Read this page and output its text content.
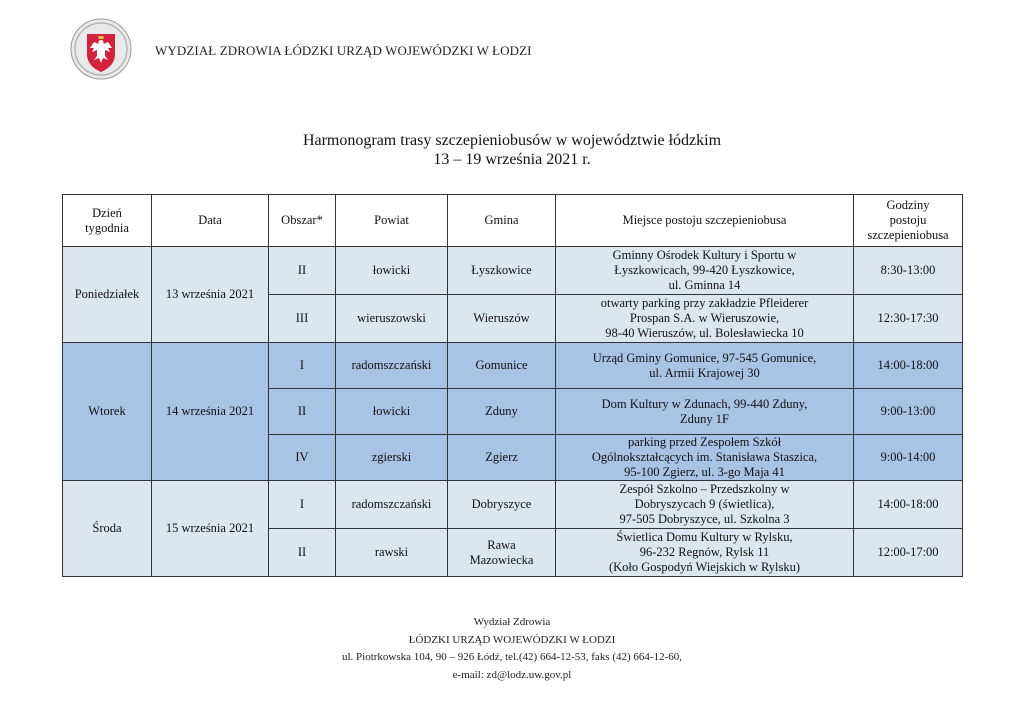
WYDZIAŁ ZDROWIA ŁÓDZKI URZĄD WOJEWÓDZKI W ŁODZI
Harmonogram trasy szczepieniobusów w województwie łódzkim
13 – 19 września 2021 r.
Dzień
tygodnia	Data	Obszar*	Powiat	Gmina	Miejsce postoju szczepieniobusa	Godziny
postoju
szczepieniobusa
Poniedziałek	13 września 2021	II	łowicki	Łyszkowice	Gminny Ośrodek Kultury i Sportu w
Łyszkowicach, 99-420 Łyszkowice,
ul. Gminna 14	8:30-13:00
		III	wieruszowski	Wieruszów	otwarty parking przy zakładzie Pfleiderer
Prospan S.A. w Wieruszowie,
98-40 Wieruszów, ul. Bolesławiecka 10	12:30-17:30
Wtorek	14 września 2021	I	radomszczański	Gomunice	Urząd Gminy Gomunice, 97-545 Gomunice,
ul. Armii Krajowej 30	14:00-18:00
		II	łowicki	Zduny	Dom Kultury w Zdunach, 99-440 Zduny,
Zduny 1F	9:00-13:00
		IV	zgierski	Zgierz	parking przed Zespołem Szkół
Ogólnokształcących im. Stanisława Staszica,
95-100 Zgierz, ul. 3-go Maja 41	9:00-14:00
Środa	15 września 2021	I	radomszczański	Dobryszyce	Zespół Szkolno – Przedszkolny w
Dobryszycach 9 (świetlica),
97-505 Dobryszyce, ul. Szkolna 3	14:00-18:00
		II	rawski	Rawa
Mazowiecka	Świetlica Domu Kultury w Rylsku,
96-232 Regnów, Rylsk 11
(Koło Gospodyń Wiejskich w Rylsku)	12:00-17:00
Wydział Zdrowia
ŁÓDZKI URZĄD WOJEWÓDZKI W ŁODZI
ul. Piotrkowska 104, 90 – 926 Łódź, tel.(42) 664-12-53, faks (42) 664-12-60,
e-mail: zd@lodz.uw.gov.pl
